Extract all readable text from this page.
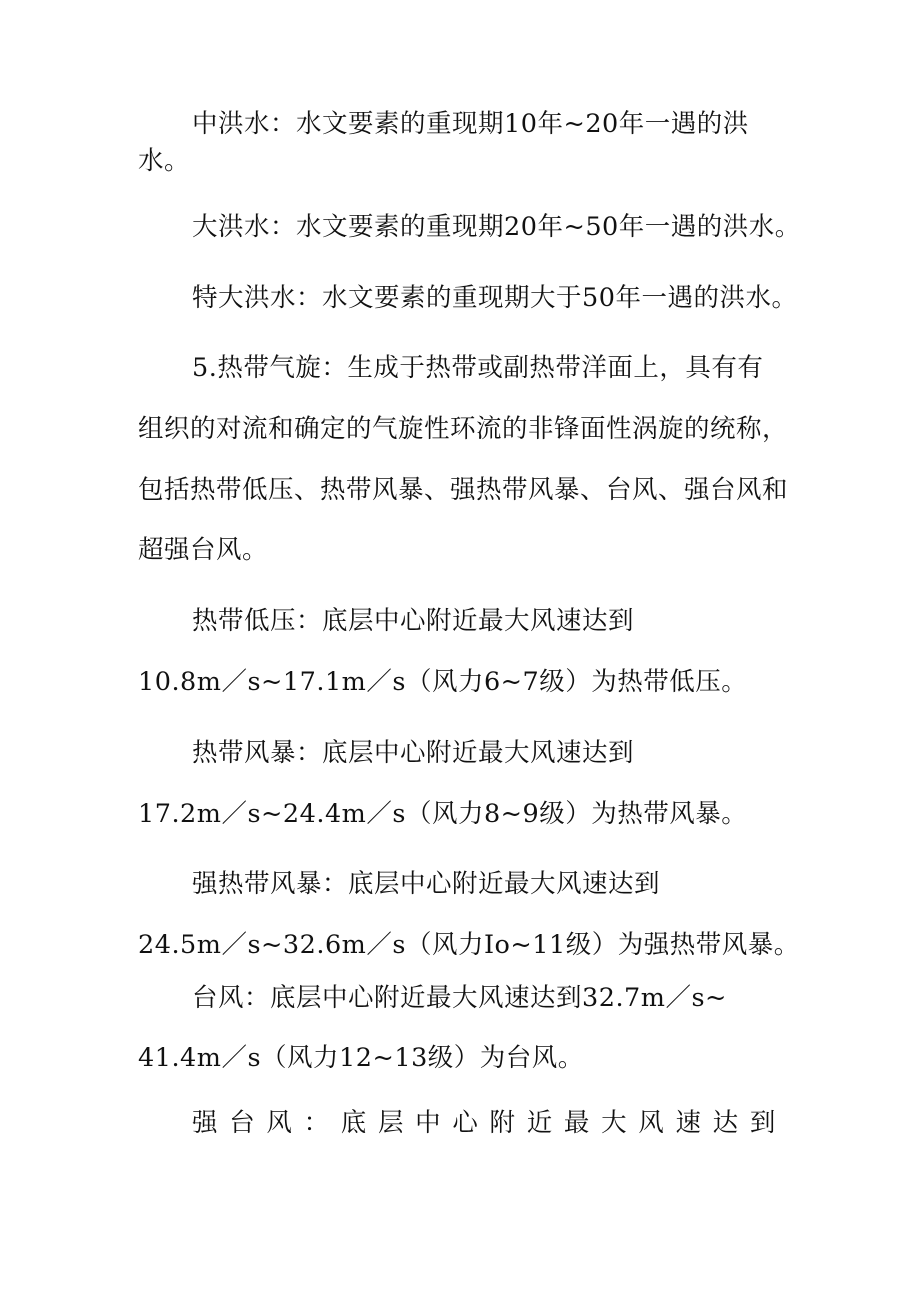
中洪水：水文要素的重现期10年~20年一遇的洪
水。
大洪水：水文要素的重现期20年~50年一遇的洪水。
特大洪水：水文要素的重现期大于50年一遇的洪水。
5.热带气旋：生成于热带或副热带洋面上，具有有
组织的对流和确定的气旋性环流的非锋面性涡旋的统称，
包括热带低压、热带风暴、强热带风暴、台风、强台风和
超强台风。
热带低压：底层中心附近最大风速达到
10.8m／s~17.1m／s（风力6~7级）为热带低压。
热带风暴：底层中心附近最大风速达到
17.2m／s~24.4m／s（风力8~9级）为热带风暴。
强热带风暴：底层中心附近最大风速达到
24.5m／s~32.6m／s（风力Io~11级）为强热带风暴。
台风：底层中心附近最大风速达到32.7m／s~
41.4m／s（风力12~13级）为台风。
强 台 风 ： 底 层 中 心 附 近 最 大 风 速 达 到
